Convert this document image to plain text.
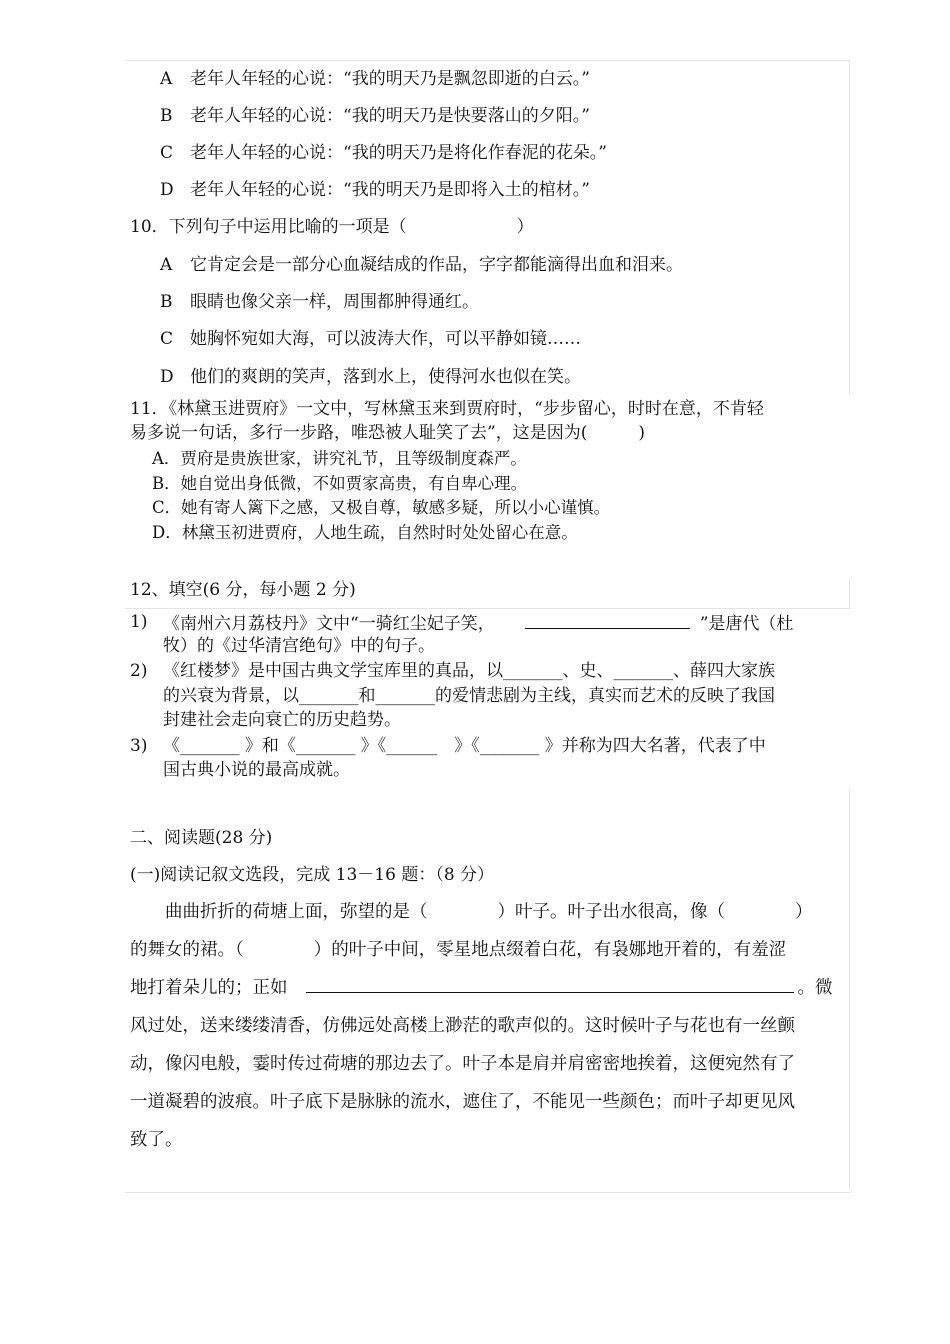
A 老年人年轻的心说：“我的明天乃是飘忽即逝的白云。”
B 老年人年轻的心说：“我的明天乃是快要落山的夕阳。”
C 老年人年轻的心说：“我的明天乃是将化作春泥的花朵。”
D 老年人年轻的心说：“我的明天乃是即将入土的棺材。”
10．下列句子中运用比喻的一项是（	）
A 它肯定会是一部分心血凝结成的作品，字字都能滴得出血和泪来。
B 眼睛也像父亲一样，周围都肿得通红。
C 她胸怀宛如大海，可以波涛大作，可以平静如镜……
D 他们的爽朗的笑声，落到水上，使得河水也似在笑。
11．《林黛玉进贾府》一文中，写林黛玉来到贾府时，“步步留心，时时在意，不肯轻
易多说一句话，多行一步路，唯恐被人耻笑了去”，这是因为(　　　)
A．贾府是贵族世家，讲究礼节，且等级制度森严。
B．她自觉出身低微，不如贾家高贵，有自卑心理。
C．她有寄人篱下之感，又极自尊，敏感多疑，所以小心谨慎。
D．林黛玉初进贾府，人地生疏，自然时时处处留心在意。
12、填空(6 分，每小题 2 分)
1) 《南州六月荔枝丹》文中“一骑红尘妃子笑，	”是唐代（杜
牧）的《过华清宫绝句》中的句子。
2) 《红楼梦》是中国古典文学宝库里的真品，以_______、史、_______、薛四大家族
的兴衰为背景，以_______和_______的爱情悲剧为主线，真实而艺术的反映了我国
封建社会走向衰亡的历史趋势。
3) 《_______ 》和《_______ 》《______　》《_______ 》并称为四大名著，代表了中
国古典小说的最高成就。
二、阅读题(28 分)
(一)阅读记叙文选段，完成 13－16 题：（8 分）
　　曲曲折折的荷塘上面，弥望的是（　　　　）叶子。叶子出水很高，像（　　　　）
的舞女的裙。（　　　　）的叶子中间，零星地点缀着白花，有袅娜地开着的，有羞涩
地打着朵儿的；正如	。微
风过处，送来缕缕清香，仿佛远处高楼上渺茫的歌声似的。这时候叶子与花也有一丝颤
动，像闪电般，霎时传过荷塘的那边去了。叶子本是肩并肩密密地挨着，这便宛然有了
一道凝碧的波痕。叶子底下是脉脉的流水，遮住了，不能见一些颜色；而叶子却更见风
致了。
